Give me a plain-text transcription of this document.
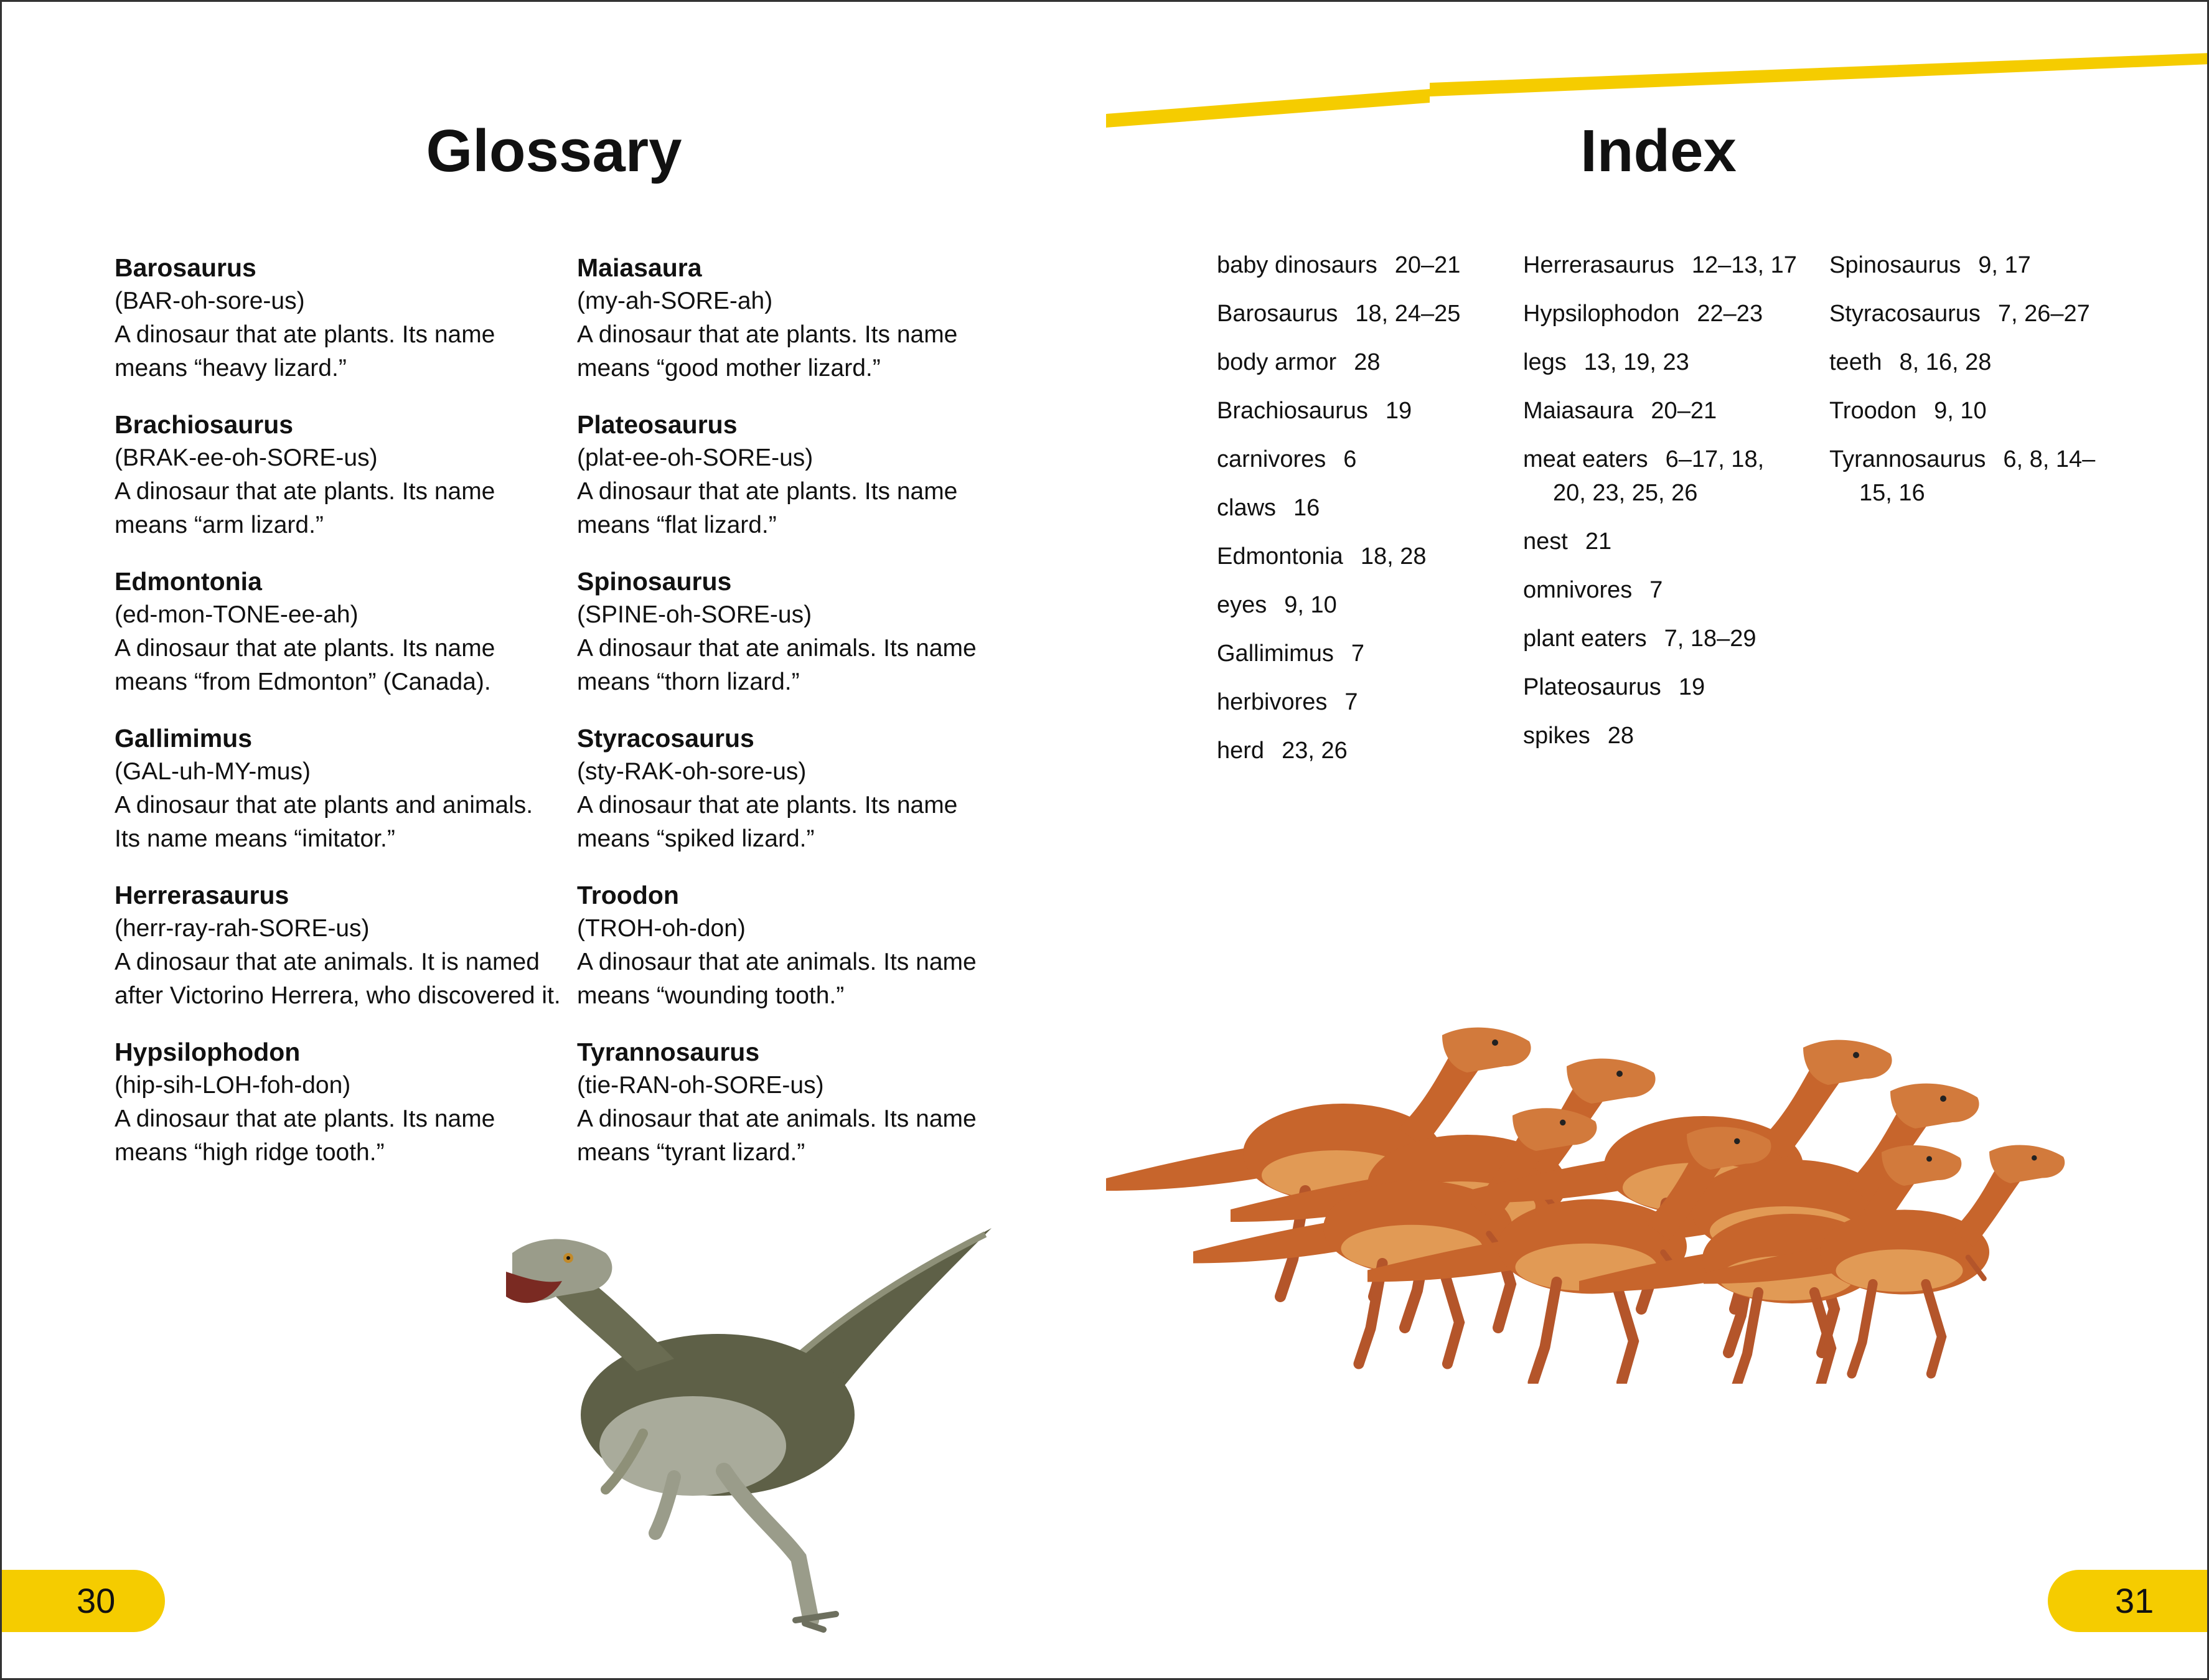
Glossary
Barosaurus
(BAR-oh-sore-us)
A dinosaur that ate plants. Its name means “heavy lizard.”
Brachiosaurus
(BRAK-ee-oh-SORE-us)
A dinosaur that ate plants. Its name means “arm lizard.”
Edmontonia
(ed-mon-TONE-ee-ah)
A dinosaur that ate plants. Its name means “from Edmonton” (Canada).
Gallimimus
(GAL-uh-MY-mus)
A dinosaur that ate plants and animals. Its name means “imitator.”
Herrerasaurus
(herr-ray-rah-SORE-us)
A dinosaur that ate animals. It is named after Victorino Herrera, who discovered it.
Hypsilophodon
(hip-sih-LOH-foh-don)
A dinosaur that ate plants. Its name means “high ridge tooth.”
Maiasaura
(my-ah-SORE-ah)
A dinosaur that ate plants. Its name means “good mother lizard.”
Plateosaurus
(plat-ee-oh-SORE-us)
A dinosaur that ate plants. Its name means “flat lizard.”
Spinosaurus
(SPINE-oh-SORE-us)
A dinosaur that ate animals. Its name means “thorn lizard.”
Styracosaurus
(sty-RAK-oh-sore-us)
A dinosaur that ate plants. Its name means “spiked lizard.”
Troodon
(TROH-oh-don)
A dinosaur that ate animals. Its name means “wounding tooth.”
Tyrannosaurus
(tie-RAN-oh-SORE-us)
A dinosaur that ate animals. Its name means “tyrant lizard.”
30
Index
baby dinosaurs 20–21
Barosaurus 18, 24–25
body armor 28
Brachiosaurus 19
carnivores 6
claws 16
Edmontonia 18, 28
eyes 9, 10
Gallimimus 7
herbivores 7
herd 23, 26
Herrerasaurus 12–13, 17
Hypsilophodon 22–23
legs 13, 19, 23
Maiasaura 20–21
meat eaters 6–17, 18, 20, 23, 25, 26
nest 21
omnivores 7
plant eaters 7, 18–29
Plateosaurus 19
spikes 28
Spinosaurus 9, 17
Styracosaurus 7, 26–27
teeth 8, 16, 28
Troodon 9, 10
Tyrannosaurus 6, 8, 14–15, 16
31
